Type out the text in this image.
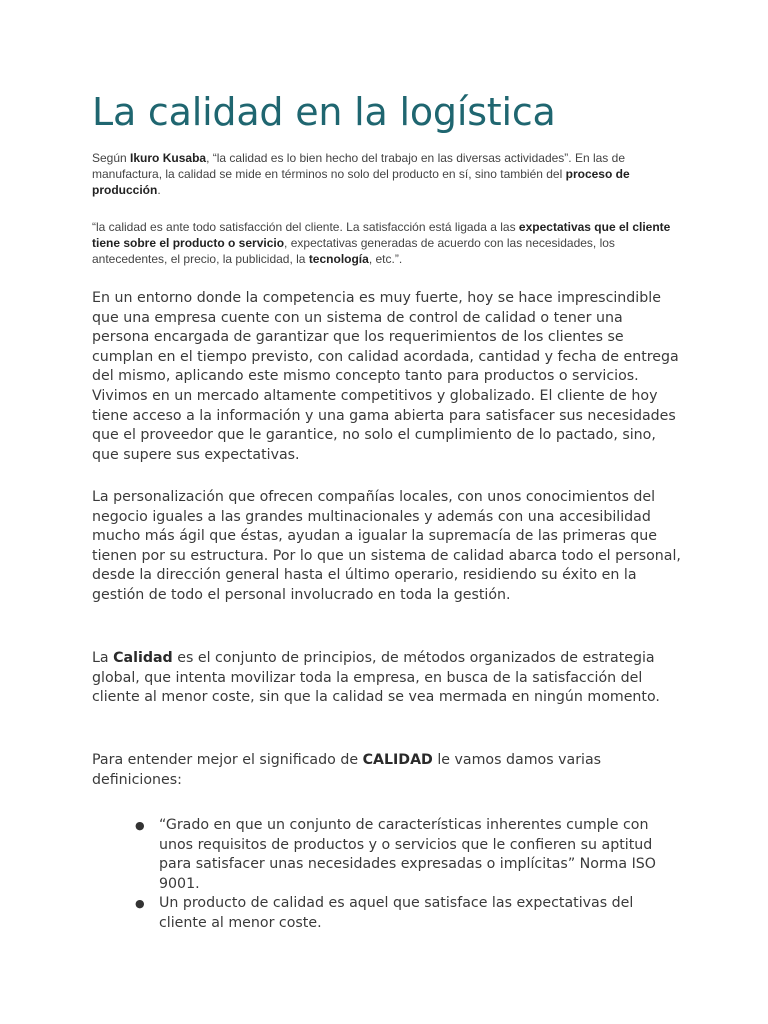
La calidad en la logística

Según Ikuro Kusaba, “la calidad es lo bien hecho del trabajo en las diversas actividades”. En las de manufactura, la calidad se mide en términos no solo del producto en sí, sino también del proceso de producción.

“la calidad es ante todo satisfacción del cliente. La satisfacción está ligada a las expectativas que el cliente tiene sobre el producto o servicio, expectativas generadas de acuerdo con las necesidades, los antecedentes, el precio, la publicidad, la tecnología, etc.”.

En un entorno donde la competencia es muy fuerte, hoy se hace imprescindible que una empresa cuente con un sistema de control de calidad o tener una persona encargada de garantizar que los requerimientos de los clientes se cumplan en el tiempo previsto, con calidad acordada, cantidad y fecha de entrega del mismo, aplicando este mismo concepto tanto para productos o servicios. Vivimos en un mercado altamente competitivos y globalizado. El cliente de hoy tiene acceso a la información y una gama abierta para satisfacer sus necesidades que el proveedor que le garantice, no solo el cumplimiento de lo pactado, sino, que supere sus expectativas.

La personalización que ofrecen compañías locales, con unos conocimientos del negocio iguales a las grandes multinacionales y además con una accesibilidad mucho más ágil que éstas, ayudan a igualar la supremacía de las primeras que tienen por su estructura. Por lo que un sistema de calidad abarca todo el personal, desde la dirección general hasta el último operario, residiendo su éxito en la gestión de todo el personal involucrado en toda la gestión.

La Calidad es el conjunto de principios, de métodos organizados de estrategia global, que intenta movilizar toda la empresa, en busca de la satisfacción del cliente al menor coste, sin que la calidad se vea mermada en ningún momento.

Para entender mejor el significado de CALIDAD le vamos damos varias definiciones:

● “Grado en que un conjunto de características inherentes cumple con unos requisitos de productos y o servicios que le confieren su aptitud para satisfacer unas necesidades expresadas o implícitas” Norma ISO 9001.
● Un producto de calidad es aquel que satisface las expectativas del cliente al menor coste.
